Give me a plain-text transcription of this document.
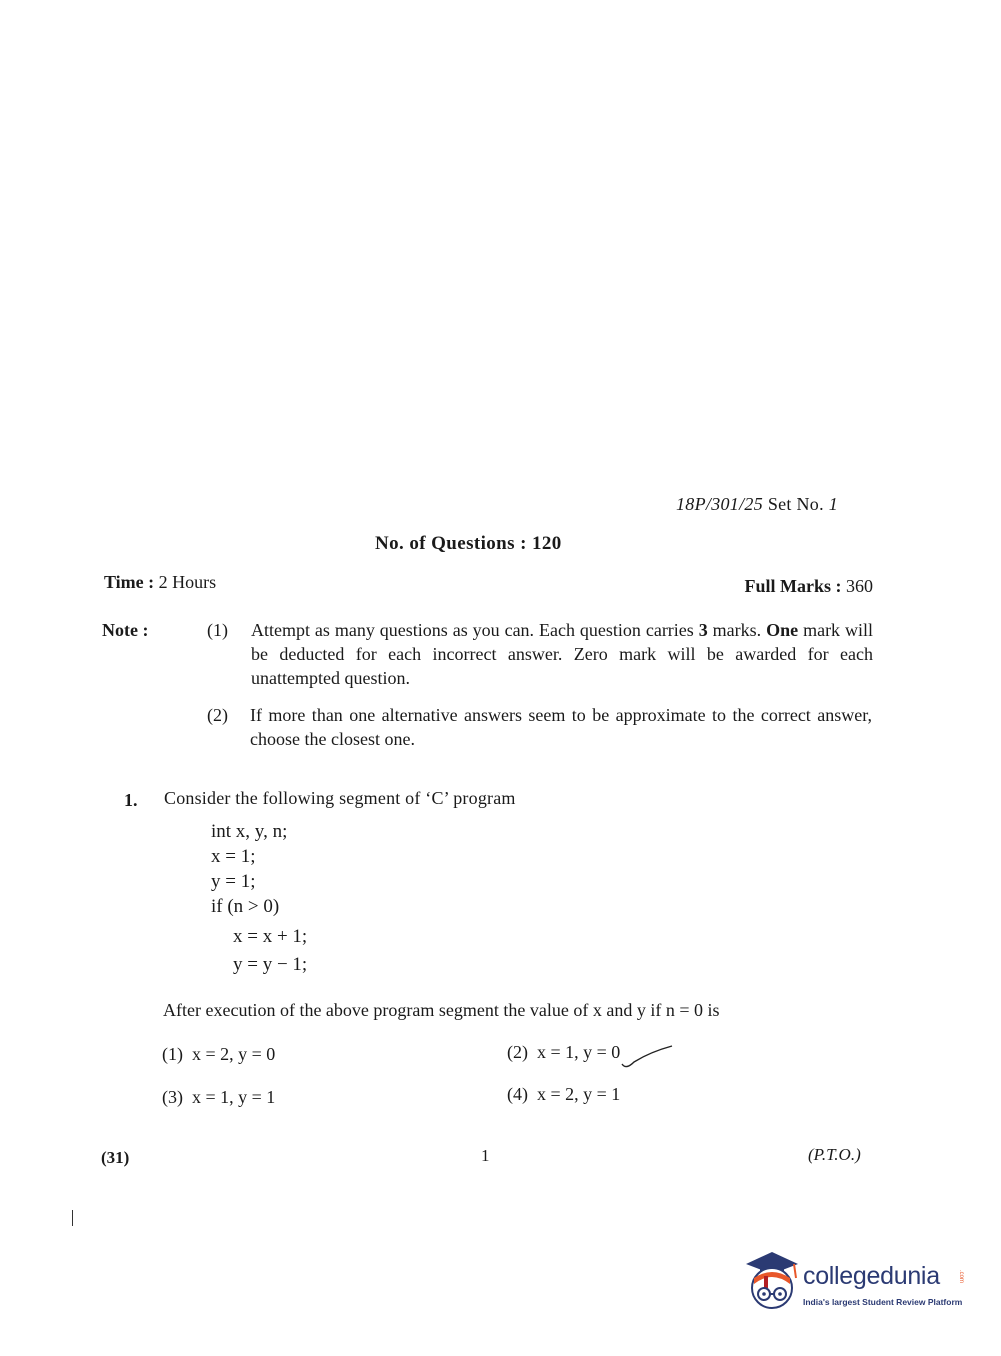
18P/301/25 Set No. 1
No. of Questions : 120
Time : 2 Hours	Full Marks : 360
Note :	(1) Attempt as many questions as you can. Each question carries 3 marks. One mark will be deducted for each incorrect answer. Zero mark will be awarded for each unattempted question.
(2) If more than one alternative answers seem to be approximate to the correct answer, choose the closest one.
1. Consider the following segment of ‘C’ program
int x, y, n;
x = 1;
y = 1;
if (n > 0)
x = x + 1;
y = y − 1;
After execution of the above program segment the value of x and y if n = 0 is
(1) x = 2, y = 0	(2) x = 1, y = 0
(3) x = 1, y = 1	(4) x = 2, y = 1
(31)	1	(P.T.O.)
collegedunia	.com
India's largest Student Review Platform
